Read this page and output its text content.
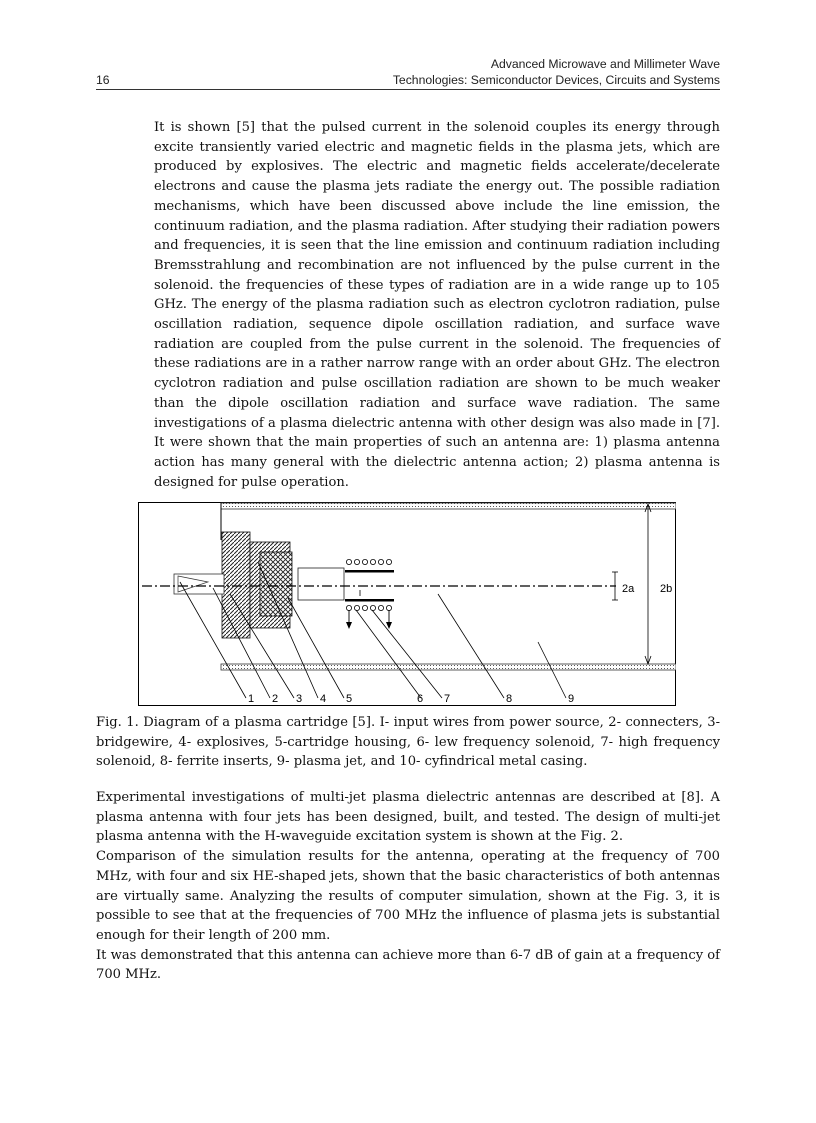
Advanced Microwave and Millimeter Wave
Technologies: Semiconductor Devices, Circuits and Systems
16

It is shown [5] that the pulsed current in the solenoid couples its energy through excite transiently varied electric and magnetic fields in the plasma jets, which are produced by explosives. The electric and magnetic fields accelerate/decelerate electrons and cause the plasma jets radiate the energy out. The possible radiation mechanisms, which have been discussed above include the line emission, the continuum radiation, and the plasma radiation. After studying their radiation powers and frequencies, it is seen that the line emission and continuum radiation including Bremsstrahlung and recombination are not influenced by the pulse current in the solenoid. the frequencies of these types of radiation are in a wide range up to 105 GHz. The energy of the plasma radiation such as electron cyclotron radiation, pulse oscillation radiation, sequence dipole oscillation radiation, and surface wave radiation are coupled from the pulse current in the solenoid. The frequencies of these radiations are in a rather narrow range with an order about GHz. The electron cyclotron radiation and pulse oscillation radiation are shown to be much weaker than the dipole oscillation radiation and surface wave radiation. The same investigations of a plasma dielectric antenna with other design was also made in [7]. It were shown that the main properties of such an antenna are: 1) plasma antenna action has many general with the dielectric antenna action; 2) plasma antenna is designed for pulse operation.

2a 2b
1 2 3 4 5	6 7	8	9

Fig. 1. Diagram of a plasma cartridge [5]. I- input wires from power source, 2- connecters, 3-bridgewire, 4- explosives, 5-cartridge housing, 6- lew frequency solenoid, 7- high frequency solenoid, 8- ferrite inserts, 9- plasma jet, and 10- cyfindrical metal casing.

Experimental investigations of multi-jet plasma dielectric antennas are described at [8]. A plasma antenna with four jets has been designed, built, and tested. The design of multi-jet plasma antenna with the H-waveguide excitation system is shown at the Fig. 2.

Comparison of the simulation results for the antenna, operating at the frequency of 700 MHz, with four and six HE-shaped jets, shown that the basic characteristics of both antennas are virtually same. Analyzing the results of computer simulation, shown at the Fig. 3, it is possible to see that at the frequencies of 700 MHz the influence of plasma jets is substantial enough for their length of 200 mm.

It was demonstrated that this antenna can achieve more than 6-7 dB of gain at a frequency of 700 MHz.
